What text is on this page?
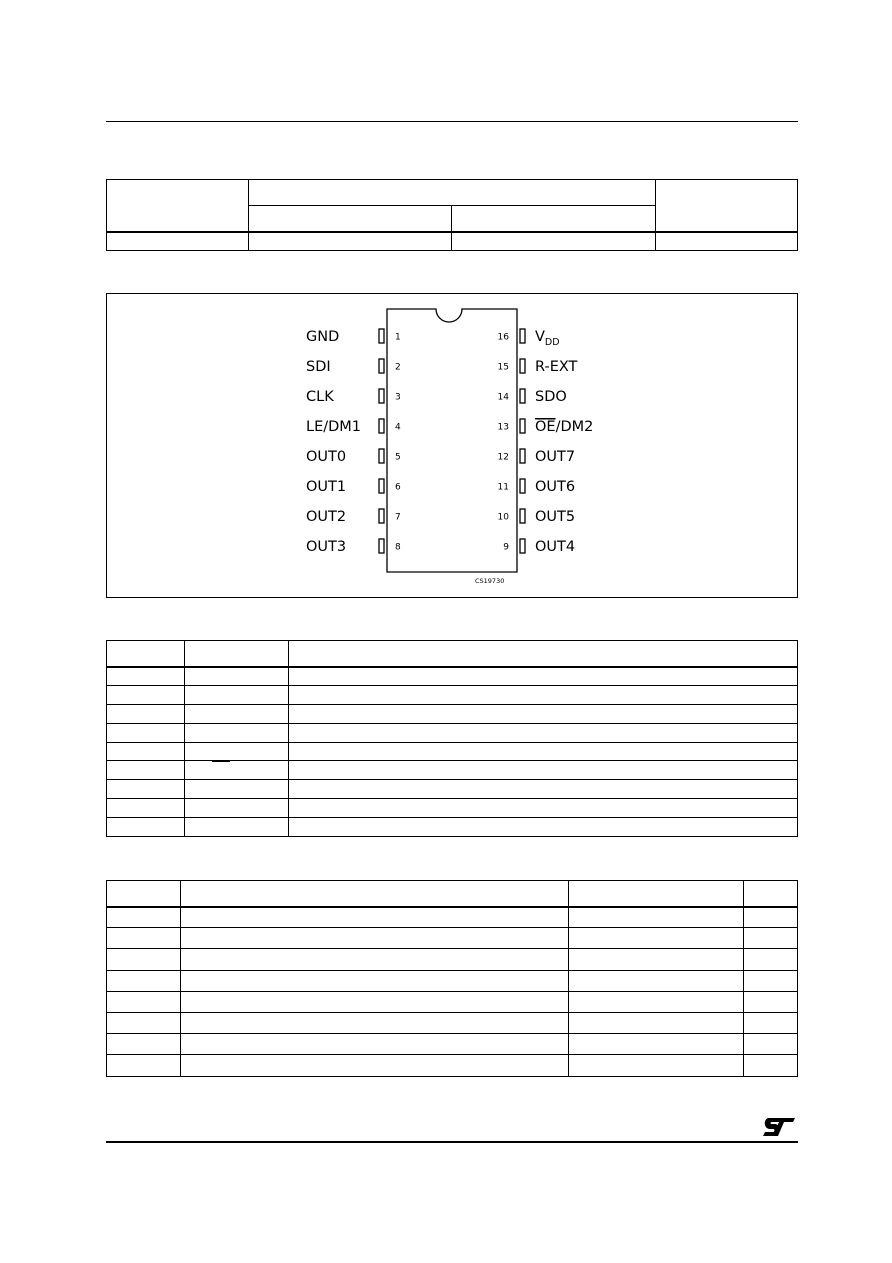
1
GND
2
SDI
3
CLK
4
LE/DM1
5
OUT0
6
OUT1
7
OUT2
8
OUT3
16 $V_{DD}$
15 R-EXT
14 SDO
13 OE/DM2
12 OUT7
11 OUT6
10 OUT5
9 OUT4
CS19730
